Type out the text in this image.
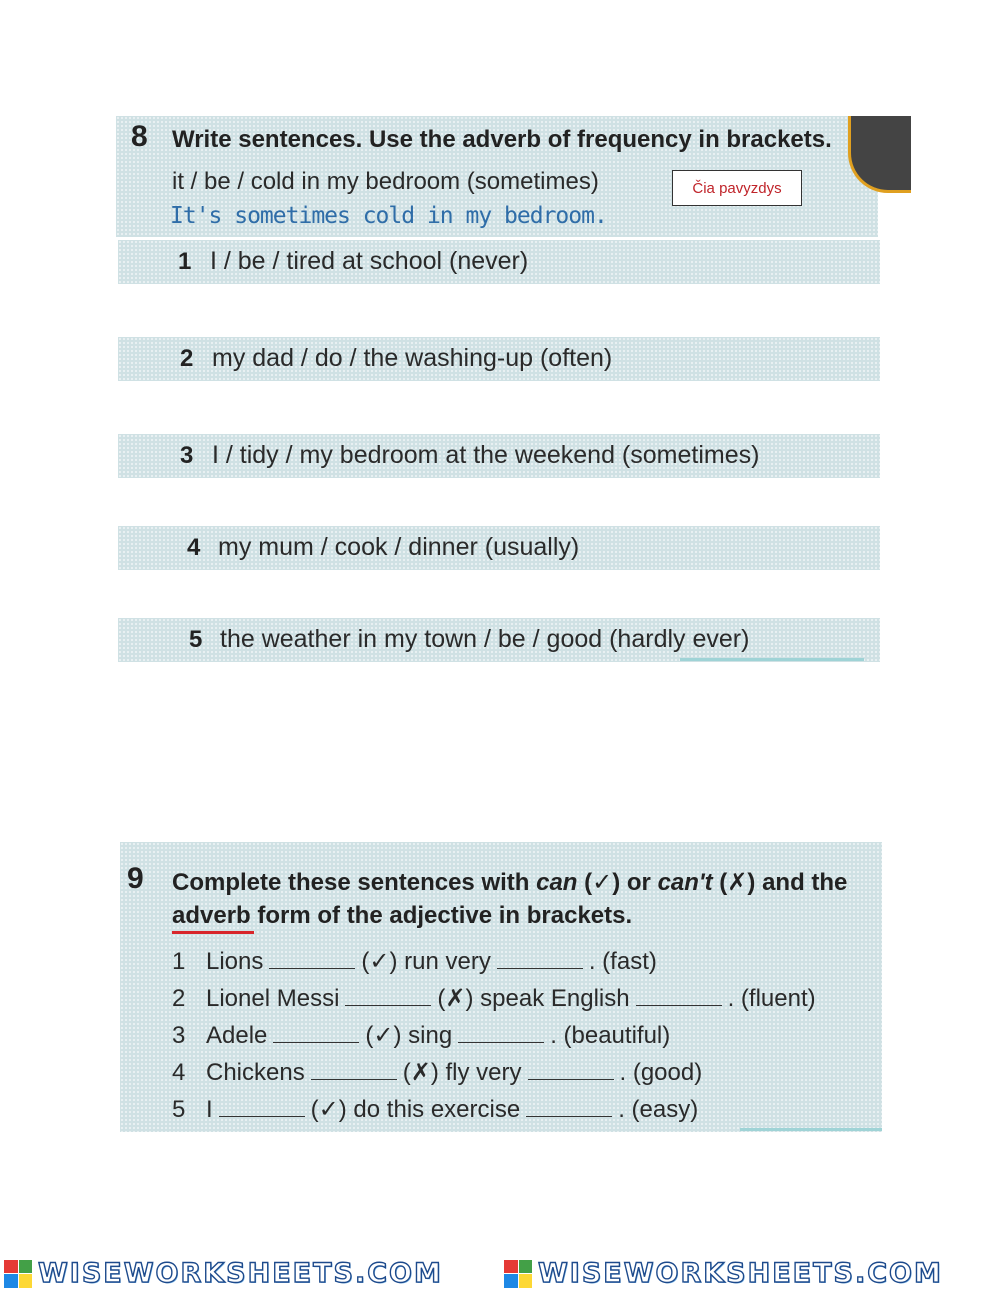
8 Write sentences. Use the adverb of frequency in brackets.
it / be / cold in my bedroom (sometimes)
It's sometimes cold in my bedroom.
Čia pavyzdys
1 I / be / tired at school (never)
2 my dad / do / the washing-up (often)
3 I / tidy / my bedroom at the weekend (sometimes)
4 my mum / cook / dinner (usually)
5 the weather in my town / be / good (hardly ever)
9 Complete these sentences with can (✓) or can't (✗) and the
adverb form of the adjective in brackets.
1 Lions	(✓) run very	. (fast)
2 Lionel Messi	(✗) speak English	. (fluent)
3 Adele	(✓) sing	. (beautiful)
4 Chickens	(✗) fly very	. (good)
5 I	(✓) do this exercise	. (easy)
WISEWORKSHEETS.COM	WISEWORKSHEETS.COM
